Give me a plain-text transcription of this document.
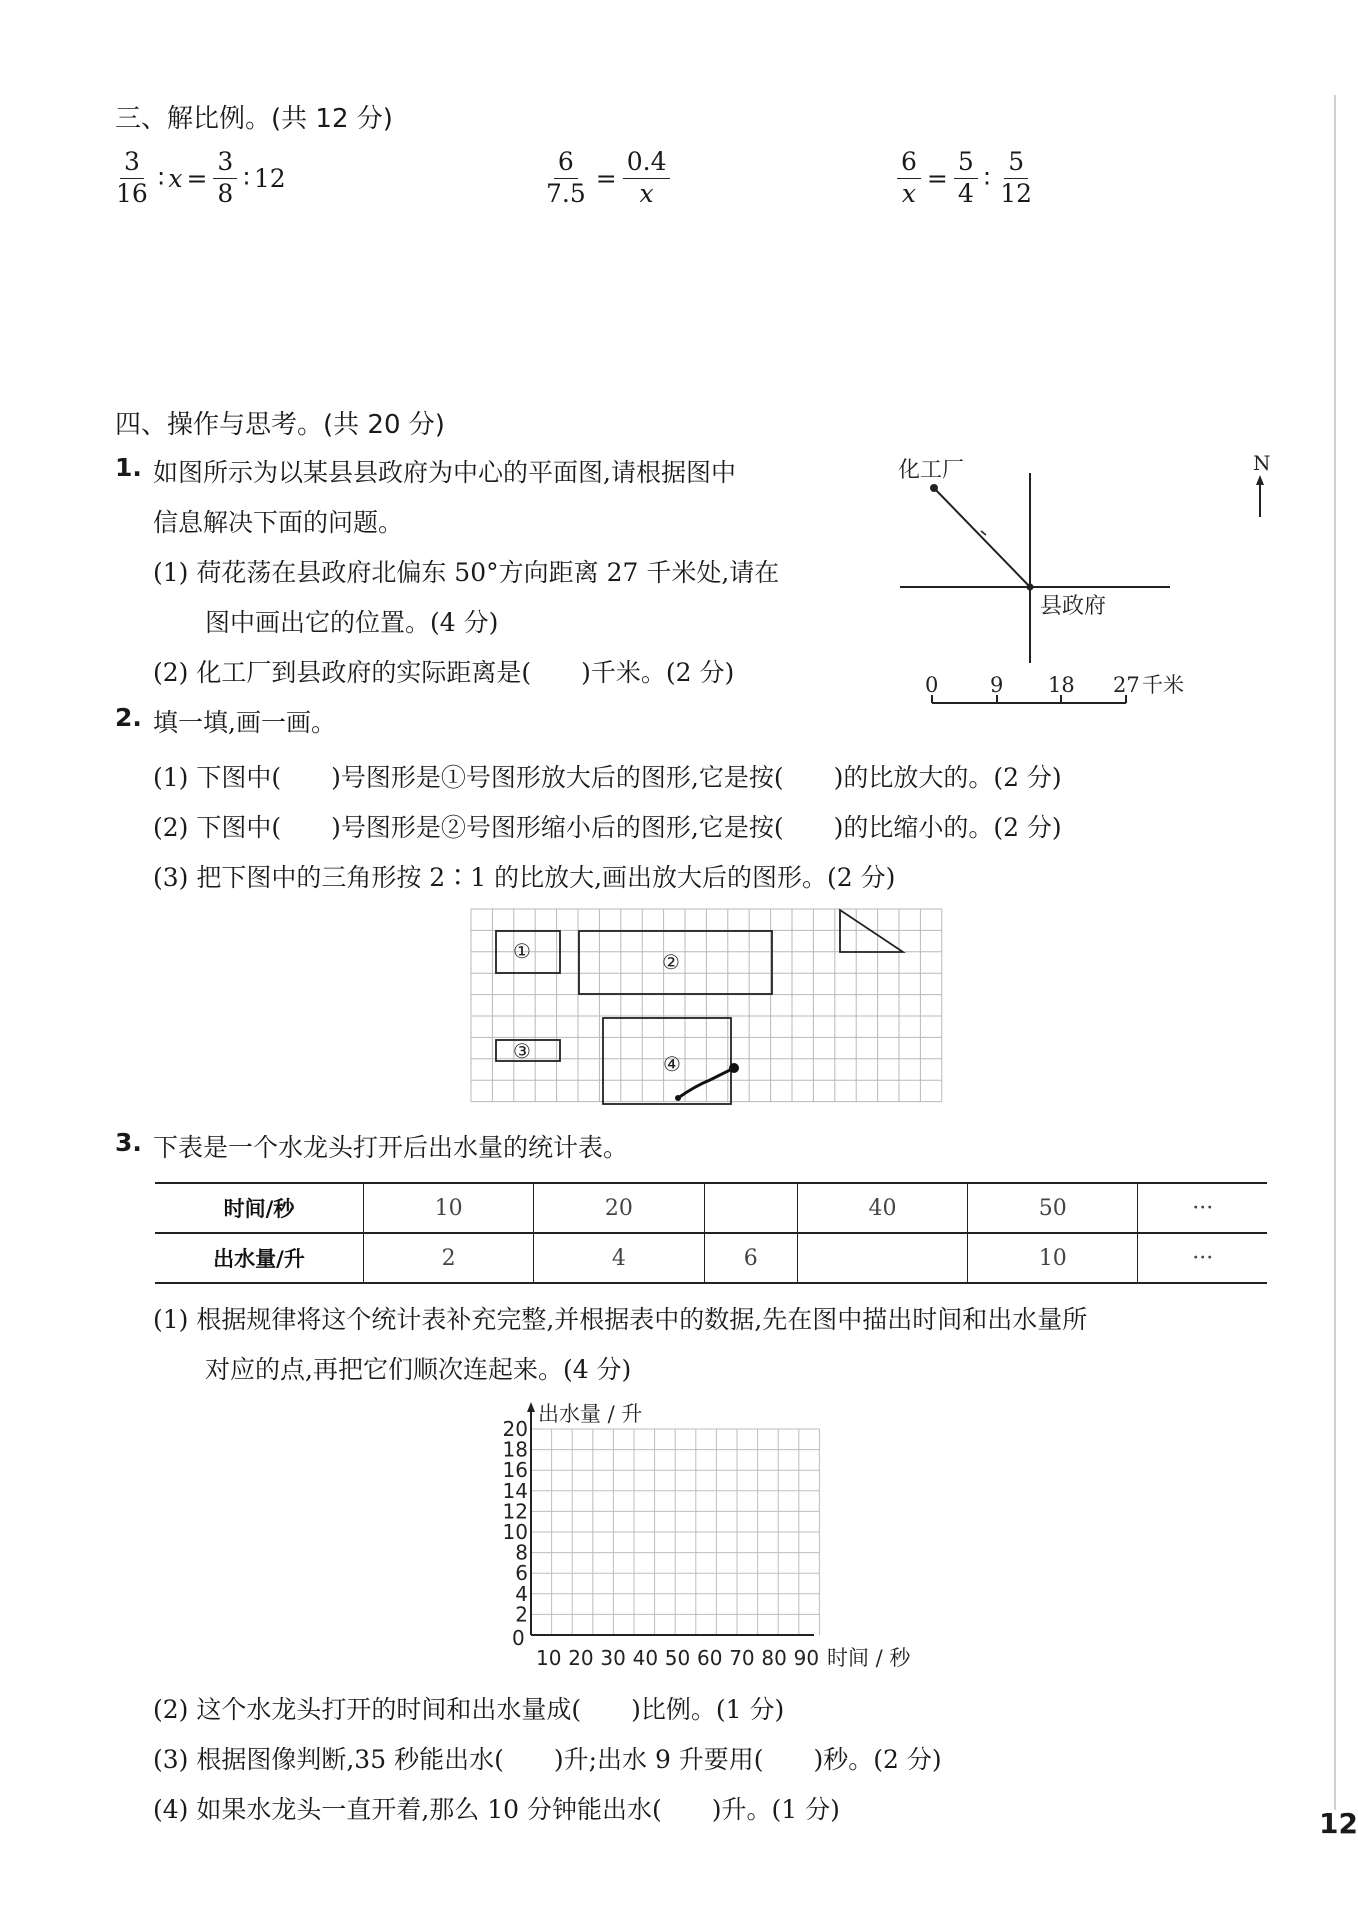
三、解比例。(共 12 分)
$\frac{3}{16}$ ∶ $x = \frac{3}{8}$ ∶ 12	$\frac{6}{7.5} = \frac{0.4}{x}$	$\frac{6}{x} = \frac{5}{4}$ ∶ $\frac{5}{12}$
四、操作与思考。(共 20 分)
1. 如图所示为以某县县政府为中心的平面图,请根据图中
信息解决下面的问题。
(1) 荷花荡在县政府北偏东 50°方向距离 27 千米处,请在
图中画出它的位置。(4 分)
(2) 化工厂到县政府的实际距离是(　　)千米。(2 分)
化工厂
县政府
N
0 9 18 27 千米
2. 填一填,画一画。
(1) 下图中(　　)号图形是①号图形放大后的图形,它是按(　　)的比放大的。(2 分)
(2) 下图中(　　)号图形是②号图形缩小后的图形,它是按(　　)的比缩小的。(2 分)
(3) 把下图中的三角形按 2∶1 的比放大,画出放大后的图形。(2 分)
①	②
③
④
3. 下表是一个水龙头打开后出水量的统计表。
时间/秒	10	20		40	50	···
出水量/升	2	4	6		10	···
(1) 根据规律将这个统计表补充完整,并根据表中的数据,先在图中描出时间和出水量所
对应的点,再把它们顺次连起来。(4 分)
出水量 / 升
20
18
16
14
12
10
8
6
4
2
0
10 20 30 40 50 60 70 80 90 时间 / 秒
(2) 这个水龙头打开的时间和出水量成(　　)比例。(1 分)
(3) 根据图像判断,35 秒能出水(　　)升;出水 9 升要用(　　)秒。(2 分)
(4) 如果水龙头一直开着,那么 10 分钟能出水(　　)升。(1 分)	12
